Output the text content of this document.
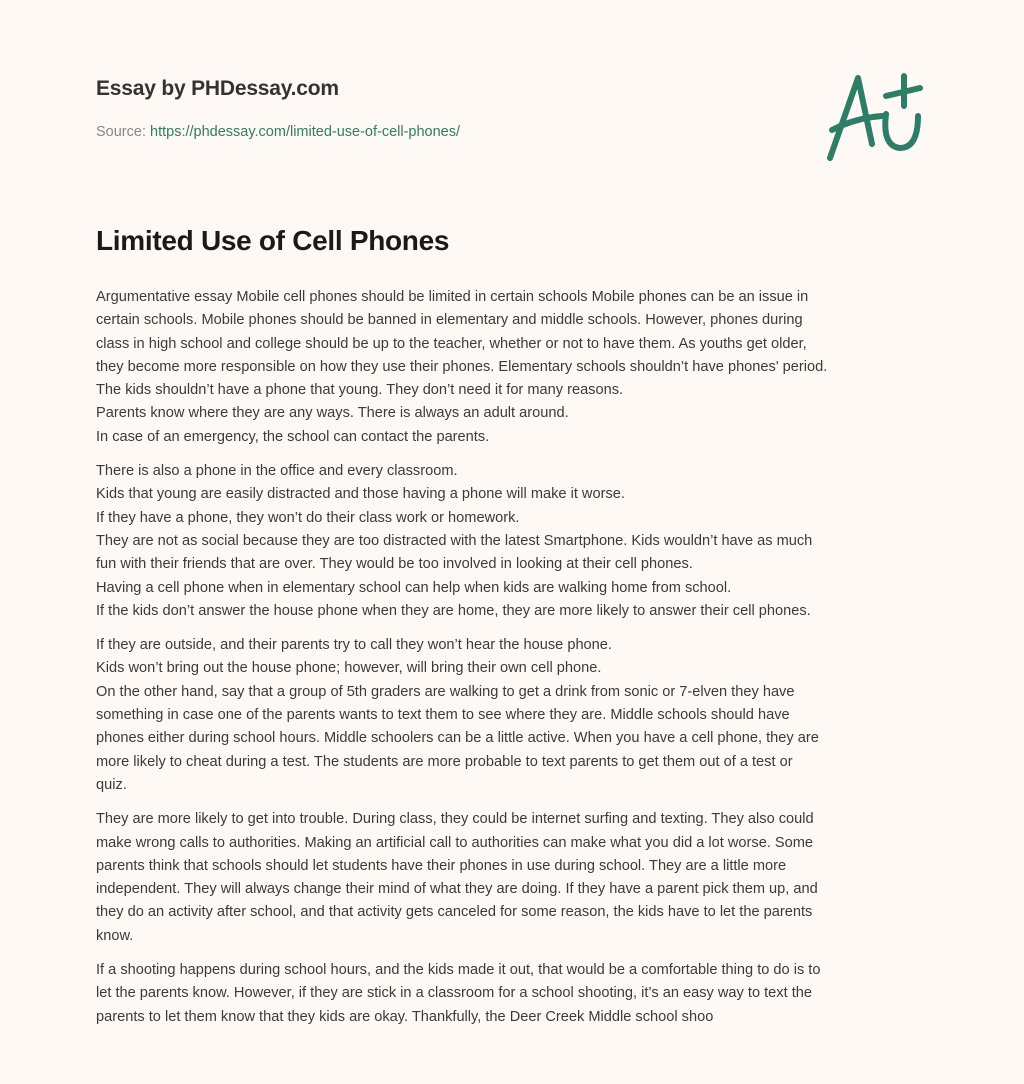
Essay by PHDessay.com
Source: https://phdessay.com/limited-use-of-cell-phones/
Limited Use of Cell Phones

Argumentative essay Mobile cell phones should be limited in certain schools Mobile phones can be an issue in
certain schools. Mobile phones should be banned in elementary and middle schools. However, phones during
class in high school and college should be up to the teacher, whether or not to have them. As youths get older,
they become more responsible on how they use their phones. Elementary schools shouldn’t have phones' period.
The kids shouldn’t have a phone that young. They don’t need it for many reasons.
Parents know where they are any ways. There is always an adult around.
In case of an emergency, the school can contact the parents.

There is also a phone in the office and every classroom.
Kids that young are easily distracted and those having a phone will make it worse.
If they have a phone, they won’t do their class work or homework.
They are not as social because they are too distracted with the latest Smartphone. Kids wouldn’t have as much
fun with their friends that are over. They would be too involved in looking at their cell phones.
Having a cell phone when in elementary school can help when kids are walking home from school.
If the kids don’t answer the house phone when they are home, they are more likely to answer their cell phones.

If they are outside, and their parents try to call they won’t hear the house phone.
Kids won’t bring out the house phone; however, will bring their own cell phone.
On the other hand, say that a group of 5th graders are walking to get a drink from sonic or 7-elven they have
something in case one of the parents wants to text them to see where they are. Middle schools should have
phones either during school hours. Middle schoolers can be a little active. When you have a cell phone, they are
more likely to cheat during a test. The students are more probable to text parents to get them out of a test or
quiz.

They are more likely to get into trouble. During class, they could be internet surfing and texting. They also could
make wrong calls to authorities. Making an artificial call to authorities can make what you did a lot worse. Some
parents think that schools should let students have their phones in use during school. They are a little more
independent. They will always change their mind of what they are doing. If they have a parent pick them up, and
they do an activity after school, and that activity gets canceled for some reason, the kids have to let the parents
know.

If a shooting happens during school hours, and the kids made it out, that would be a comfortable thing to do is to
let the parents know. However, if they are stick in a classroom for a school shooting, it’s an easy way to text the
parents to let them know that they kids are okay. Thankfully, the Deer Creek Middle school shoo
